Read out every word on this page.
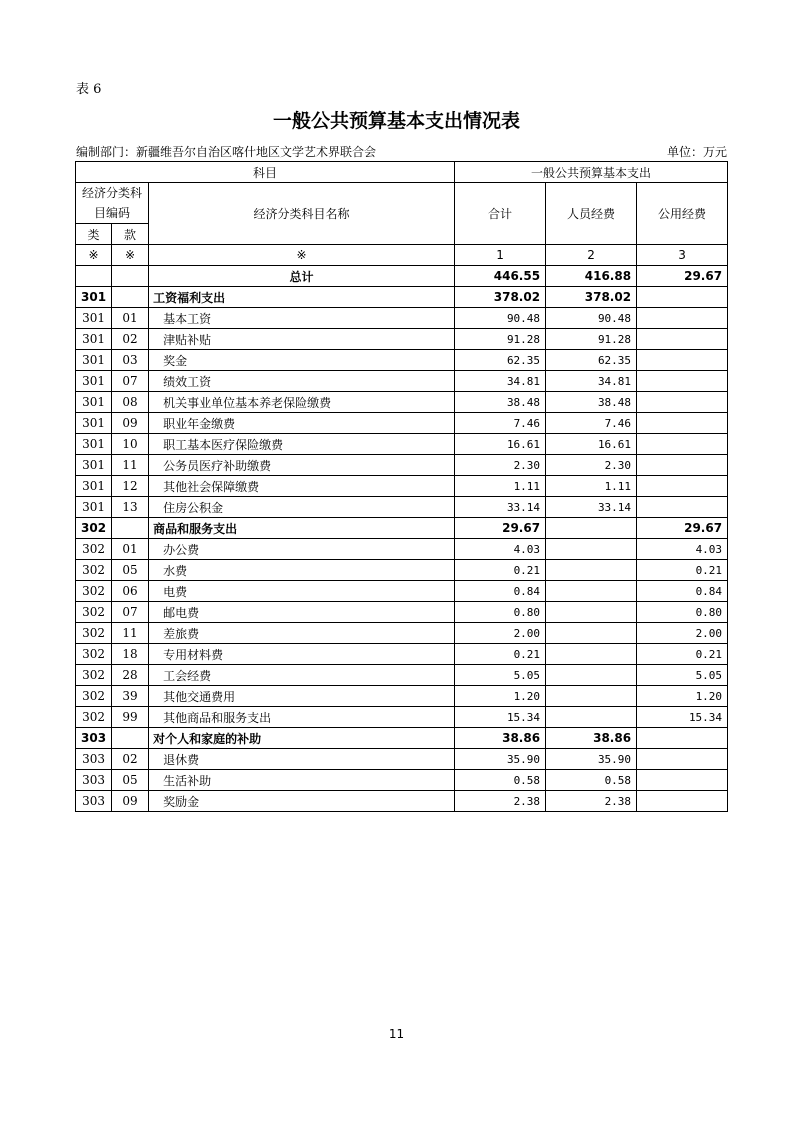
表 6
一般公共预算基本支出情况表
编制部门：新疆维吾尔自治区喀什地区文学艺术界联合会	单位：万元
科目			一般公共预算基本支出		
经济分类科目编码		经济分类科目名称	合计	人员经费	公用经费
类	款				
※	※	※	1	2	3
		总计	446.55	416.88	29.67
301		工资福利支出	378.02	378.02	
301	01	基本工资	90.48	90.48	
301	02	津贴补贴	91.28	91.28	
301	03	奖金	62.35	62.35	
301	07	绩效工资	34.81	34.81	
301	08	机关事业单位基本养老保险缴费	38.48	38.48	
301	09	职业年金缴费	7.46	7.46	
301	10	职工基本医疗保险缴费	16.61	16.61	
301	11	公务员医疗补助缴费	2.30	2.30	
301	12	其他社会保障缴费	1.11	1.11	
301	13	住房公积金	33.14	33.14	
302		商品和服务支出	29.67		29.67
302	01	办公费	4.03		4.03
302	05	水费	0.21		0.21
302	06	电费	0.84		0.84
302	07	邮电费	0.80		0.80
302	11	差旅费	2.00		2.00
302	18	专用材料费	0.21		0.21
302	28	工会经费	5.05		5.05
302	39	其他交通费用	1.20		1.20
302	99	其他商品和服务支出	15.34		15.34
303		对个人和家庭的补助	38.86	38.86	
303	02	退休费	35.90	35.90	
303	05	生活补助	0.58	0.58	
303	09	奖励金	2.38	2.38	
11
